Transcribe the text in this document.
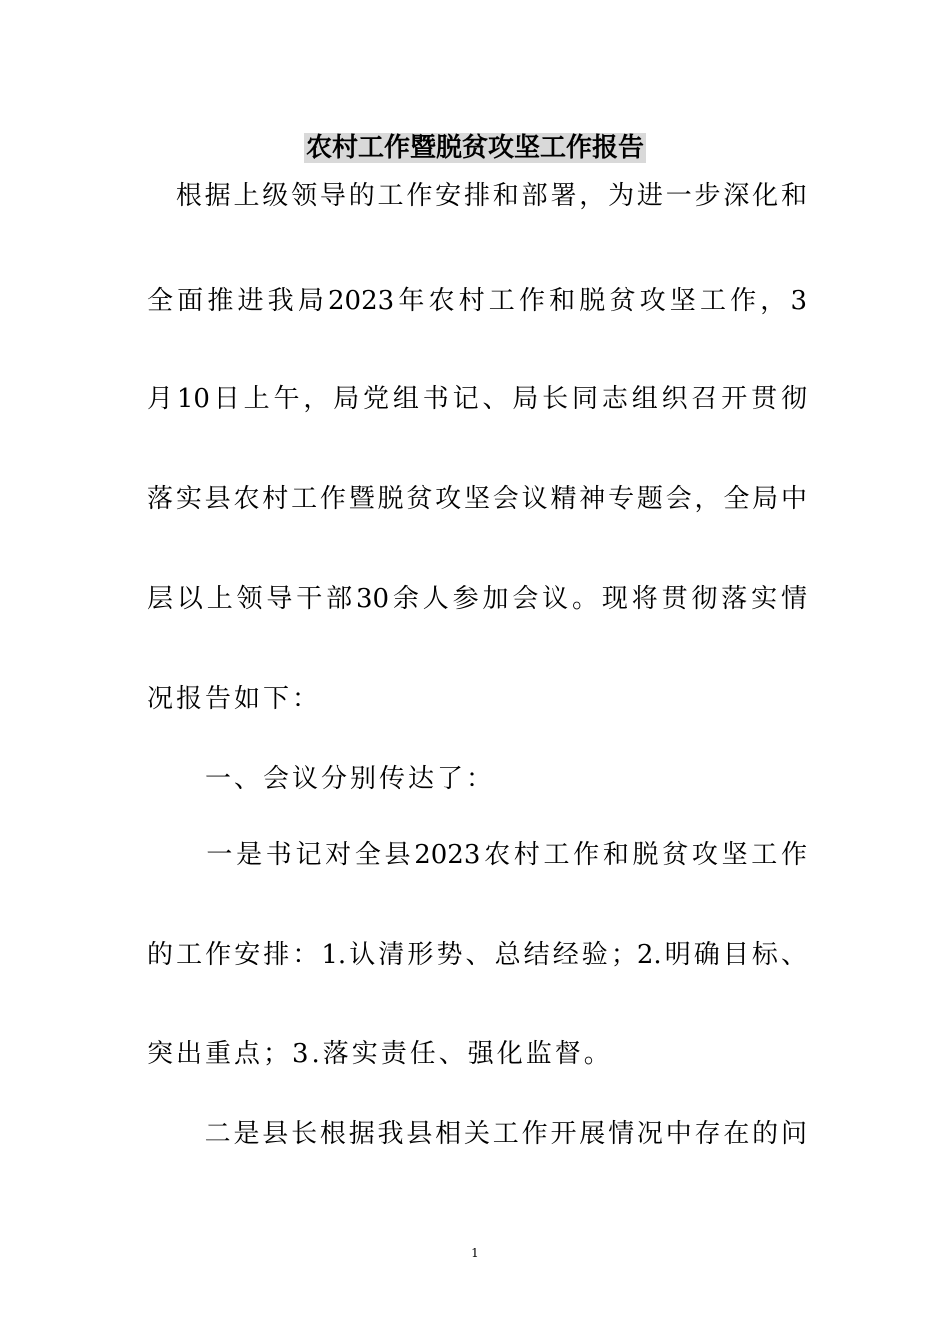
农村工作暨脱贫攻坚工作报告
　根据上级领导的工作安排和部署，为进一步深化和
全面推进我局2023年农村工作和脱贫攻坚工作，3
月10日上午，局党组书记、局长同志组织召开贯彻
落实县农村工作暨脱贫攻坚会议精神专题会，全局中
层以上领导干部30余人参加会议。现将贯彻落实情
况报告如下：
　　一、会议分别传达了：
　　一是书记对全县2023农村工作和脱贫攻坚工作
的工作安排：1.认清形势、总结经验；2.明确目标、
突出重点；3.落实责任、强化监督。
　　二是县长根据我县相关工作开展情况中存在的问
1
